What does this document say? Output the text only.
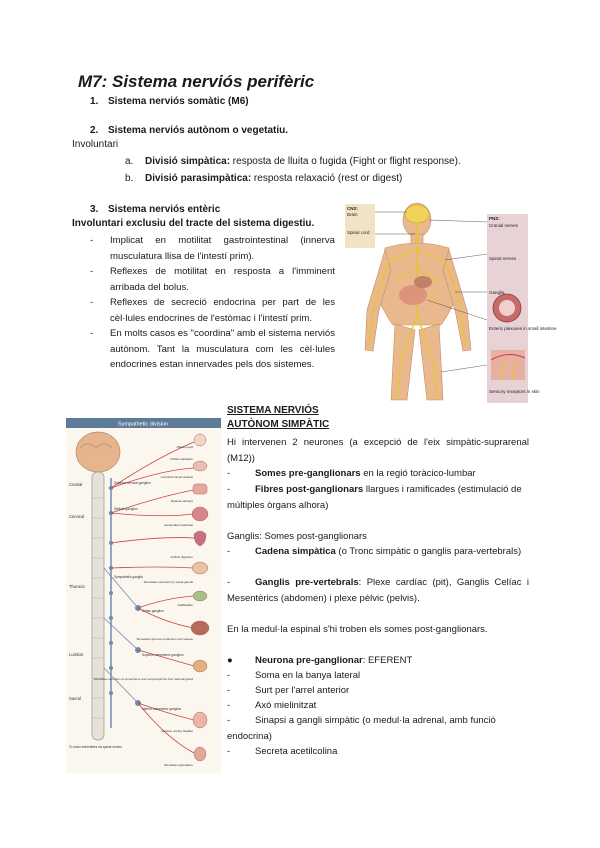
M7: Sistema nerviós perifèric
1. Sistema nerviós somàtic (M6)
2. Sistema nerviós autònom o vegetatiu.
Involuntari
a. Divisió simpàtica: resposta de lluita o fugida (Fight or flight response).
b. Divisió parasimpàtica: resposta relaxació (rest or digest)
3. Sistema nerviós entèric
Involuntari exclusiu del tracte del sistema digestiu.
- Implicat en motilitat gastrointestinal (innerva musculatura llisa de l'intestí prim).
- Reflexes de motilitat en resposta a l'imminent arribada del bolus.
- Reflexes de secreció endocrina per part de les cèl·lules endocrines de l'estòmac i l'intestí prim.
- En molts casos es "coordina" amb el sistema nerviós autònom. Tant la musculatura com les cèl·lules endocrines estan innervades pels dos sistemes.
CNS:
Brain
Spinal cord
PNS:
Cranial nerves
Spinal nerves
Ganglia
Enteric plexuses in small intestine
Sensory receptors in skin
Sympathetic division
Cranial
Cervical
Thoracic
Lumbar
Sacral
Superior cervical ganglion
Stellate ganglion
Sympathetic ganglia
Celiac ganglion
Superior mesenteric ganglion
Inferior mesenteric ganglion
To lower extremities via spinal nerves
Dilates pupil
Inhibits salivation
Constricts blood vessels
Relaxes airways
Accelerates heartbeat
Inhibits digestion
Stimulates secretion by sweat glands
Gallbladder
Stimulates glucose production and release
Stimulates secretion of epinephrine and norepinephrine from adrenal gland
Relaxes urinary bladder
Stimulates ejaculation
SISTEMA NERVIÓS
AUTÒNOM SIMPÀTIC
Hi intervenen 2 neurones (a excepció de l'eix simpàtic-suprarenal (M12))
-	Somes pre-ganglionars en la regió toràcico-lumbar
-	Fibres post-ganglionars llargues i ramificades (estimulació de múltiples òrgans alhora)
Ganglis: Somes post-ganglionars
-	Cadena simpàtica (o Tronc simpàtic o ganglis para-vertebrals)
-	Ganglis pre-vertebrals: Plexe cardíac (pit), Ganglis Celíac i Mesentèrics (abdomen) i plexe pèlvic (pelvis).
En la medul·la espinal s'hi troben els somes post-ganglionars.
● Neurona pre-ganglionar: EFERENT
-	Soma en la banya lateral
-	Surt per l'arrel anterior
-	Axó mielinitzat
-	Sinapsi a gangli simpàtic (o medul·la adrenal, amb funció endocrina)
-	Secreta acetilcolina
